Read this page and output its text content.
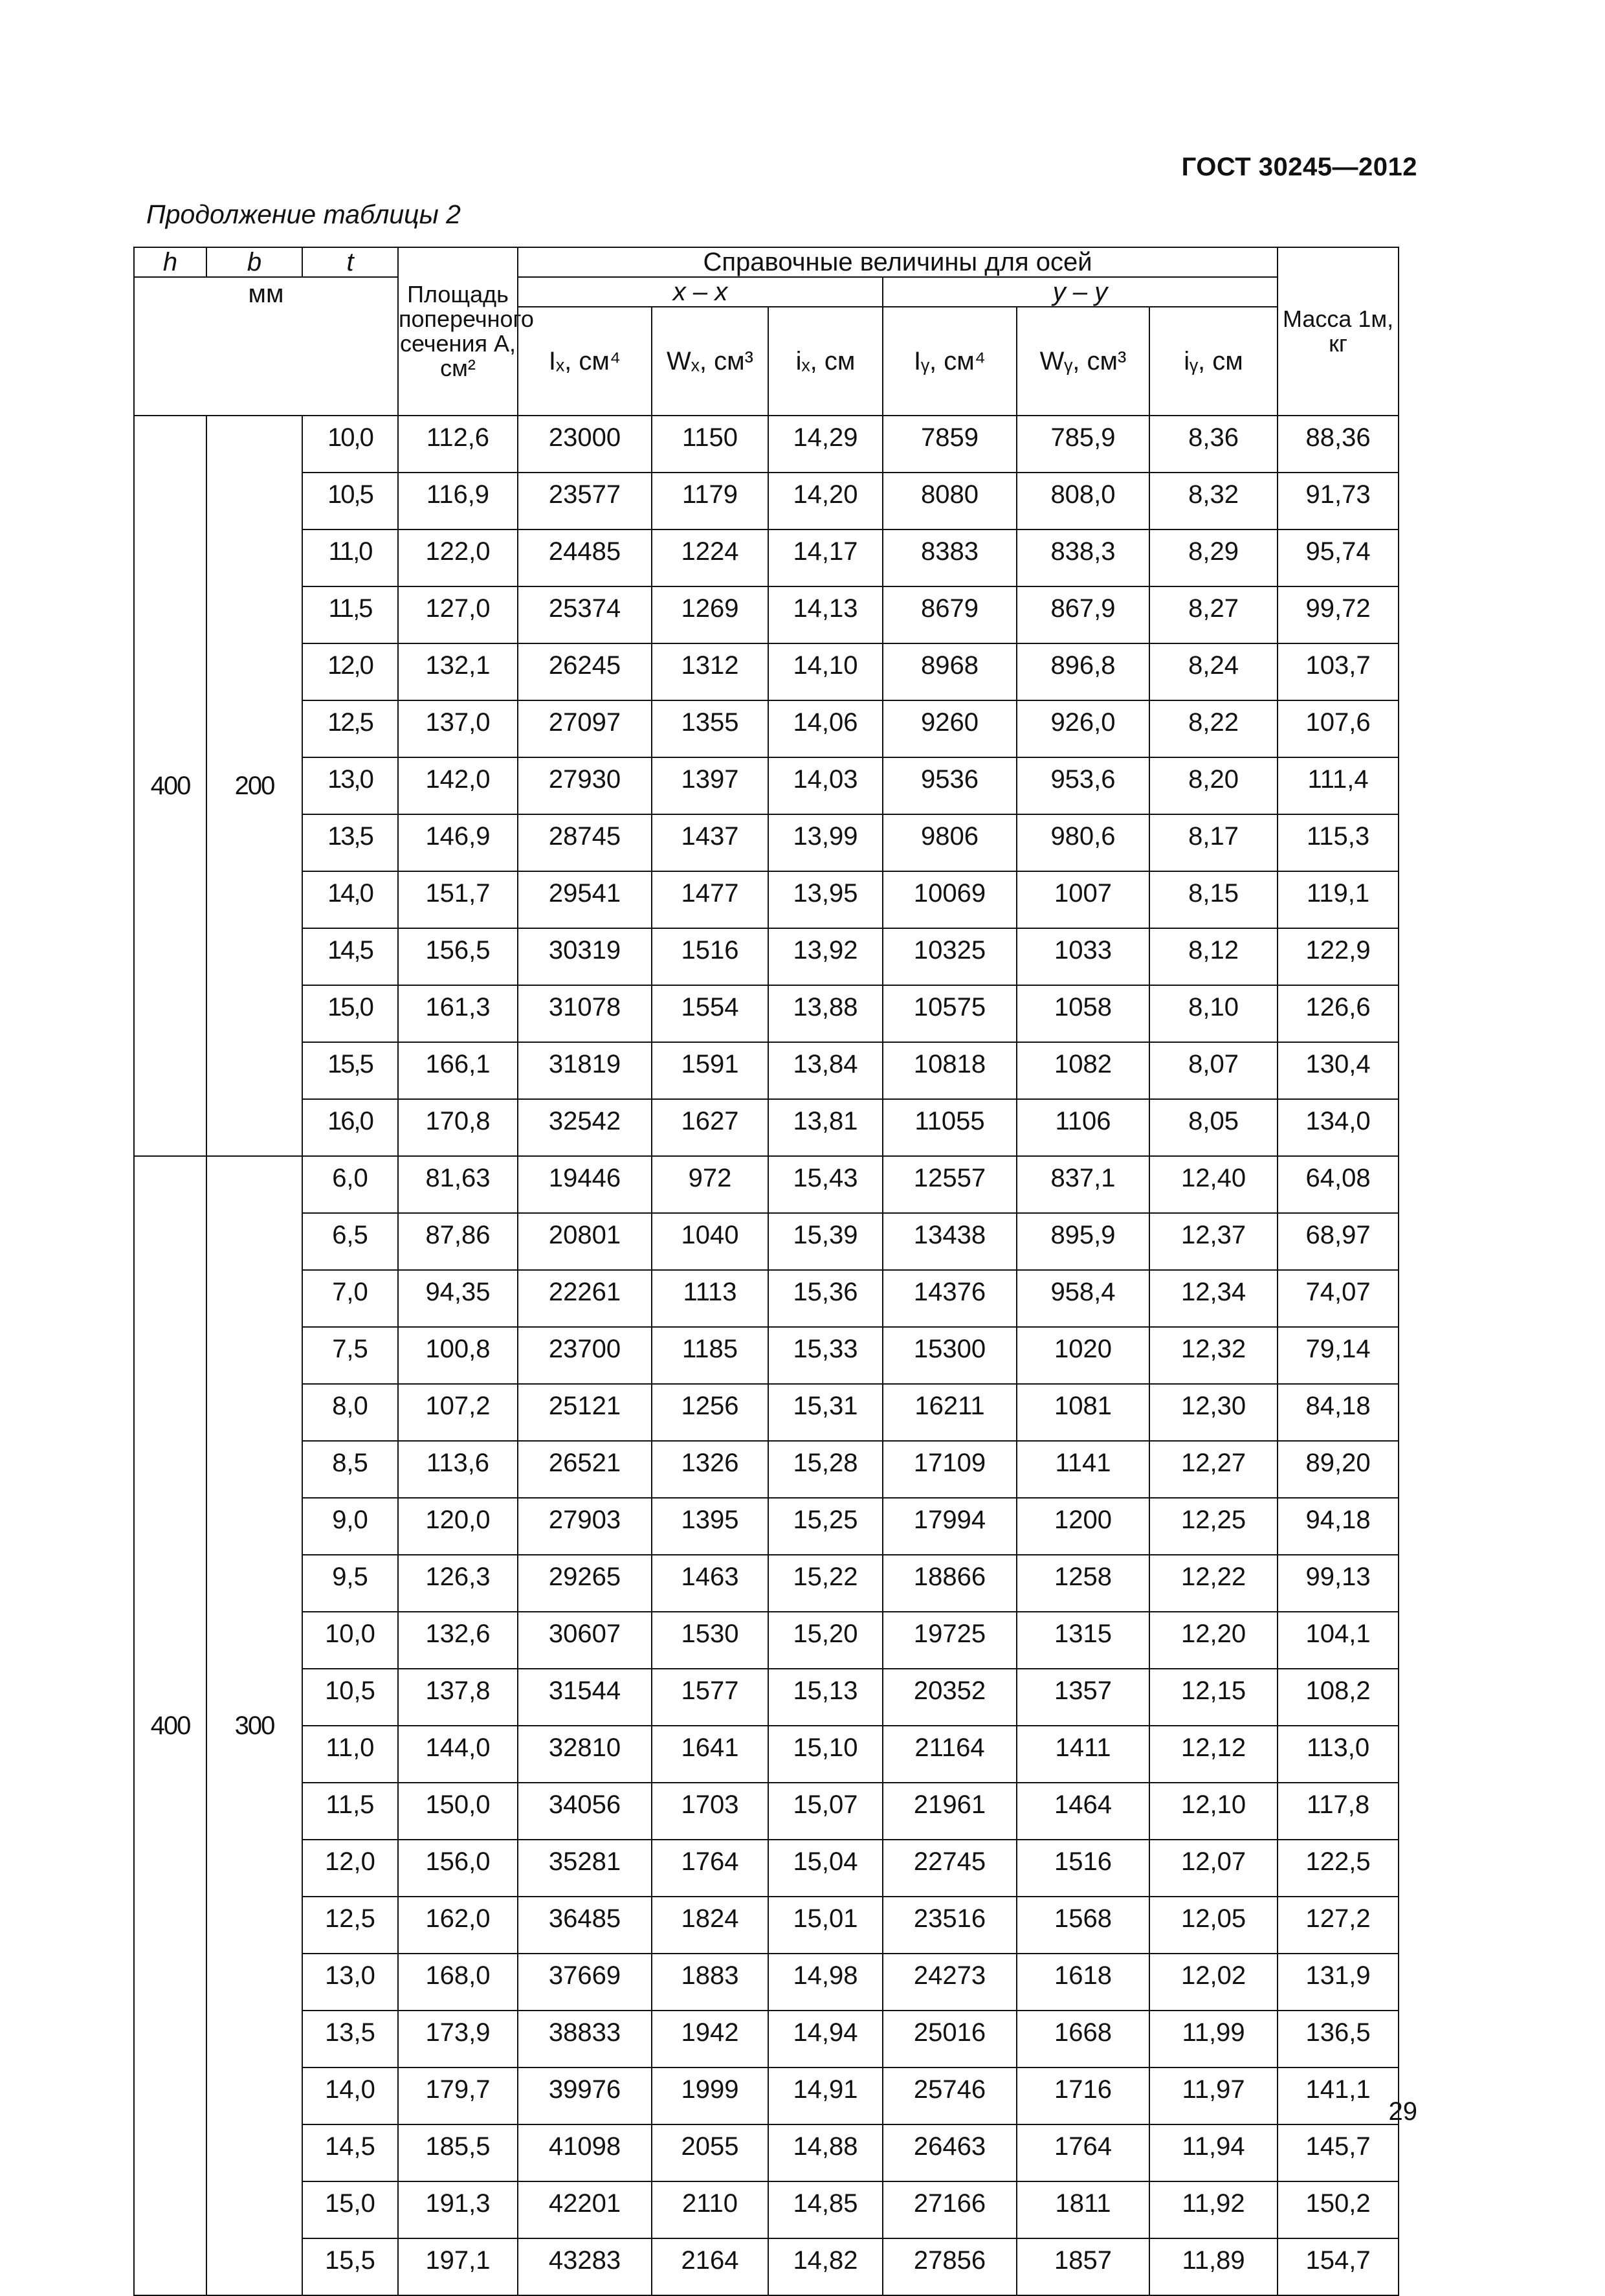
ГОСТ 30245—2012
Продолжение таблицы 2
h	b	t	Площадь поперечного сечения A, см²	Справочные величины для осей						Масса 1м, кг
мм				x – x			y – y			
				Iₓ, см⁴	Wₓ, см³	iₓ, см	Iᵧ, см⁴	Wᵧ, см³	iᵧ, см	
400	200	10,0	112,6	23000	1150	14,29	7859	785,9	8,36	88,36
		10,5	116,9	23577	1179	14,20	8080	808,0	8,32	91,73
		11,0	122,0	24485	1224	14,17	8383	838,3	8,29	95,74
		11,5	127,0	25374	1269	14,13	8679	867,9	8,27	99,72
		12,0	132,1	26245	1312	14,10	8968	896,8	8,24	103,7
		12,5	137,0	27097	1355	14,06	9260	926,0	8,22	107,6
		13,0	142,0	27930	1397	14,03	9536	953,6	8,20	111,4
		13,5	146,9	28745	1437	13,99	9806	980,6	8,17	115,3
		14,0	151,7	29541	1477	13,95	10069	1007	8,15	119,1
		14,5	156,5	30319	1516	13,92	10325	1033	8,12	122,9
		15,0	161,3	31078	1554	13,88	10575	1058	8,10	126,6
		15,5	166,1	31819	1591	13,84	10818	1082	8,07	130,4
		16,0	170,8	32542	1627	13,81	11055	1106	8,05	134,0
400	300	6,0	81,63	19446	972	15,43	12557	837,1	12,40	64,08
		6,5	87,86	20801	1040	15,39	13438	895,9	12,37	68,97
		7,0	94,35	22261	1113	15,36	14376	958,4	12,34	74,07
		7,5	100,8	23700	1185	15,33	15300	1020	12,32	79,14
		8,0	107,2	25121	1256	15,31	16211	1081	12,30	84,18
		8,5	113,6	26521	1326	15,28	17109	1141	12,27	89,20
		9,0	120,0	27903	1395	15,25	17994	1200	12,25	94,18
		9,5	126,3	29265	1463	15,22	18866	1258	12,22	99,13
		10,0	132,6	30607	1530	15,20	19725	1315	12,20	104,1
		10,5	137,8	31544	1577	15,13	20352	1357	12,15	108,2
		11,0	144,0	32810	1641	15,10	21164	1411	12,12	113,0
		11,5	150,0	34056	1703	15,07	21961	1464	12,10	117,8
		12,0	156,0	35281	1764	15,04	22745	1516	12,07	122,5
		12,5	162,0	36485	1824	15,01	23516	1568	12,05	127,2
		13,0	168,0	37669	1883	14,98	24273	1618	12,02	131,9
		13,5	173,9	38833	1942	14,94	25016	1668	11,99	136,5
		14,0	179,7	39976	1999	14,91	25746	1716	11,97	141,1
		14,5	185,5	41098	2055	14,88	26463	1764	11,94	145,7
		15,0	191,3	42201	2110	14,85	27166	1811	11,92	150,2
		15,5	197,1	43283	2164	14,82	27856	1857	11,89	154,7
29
